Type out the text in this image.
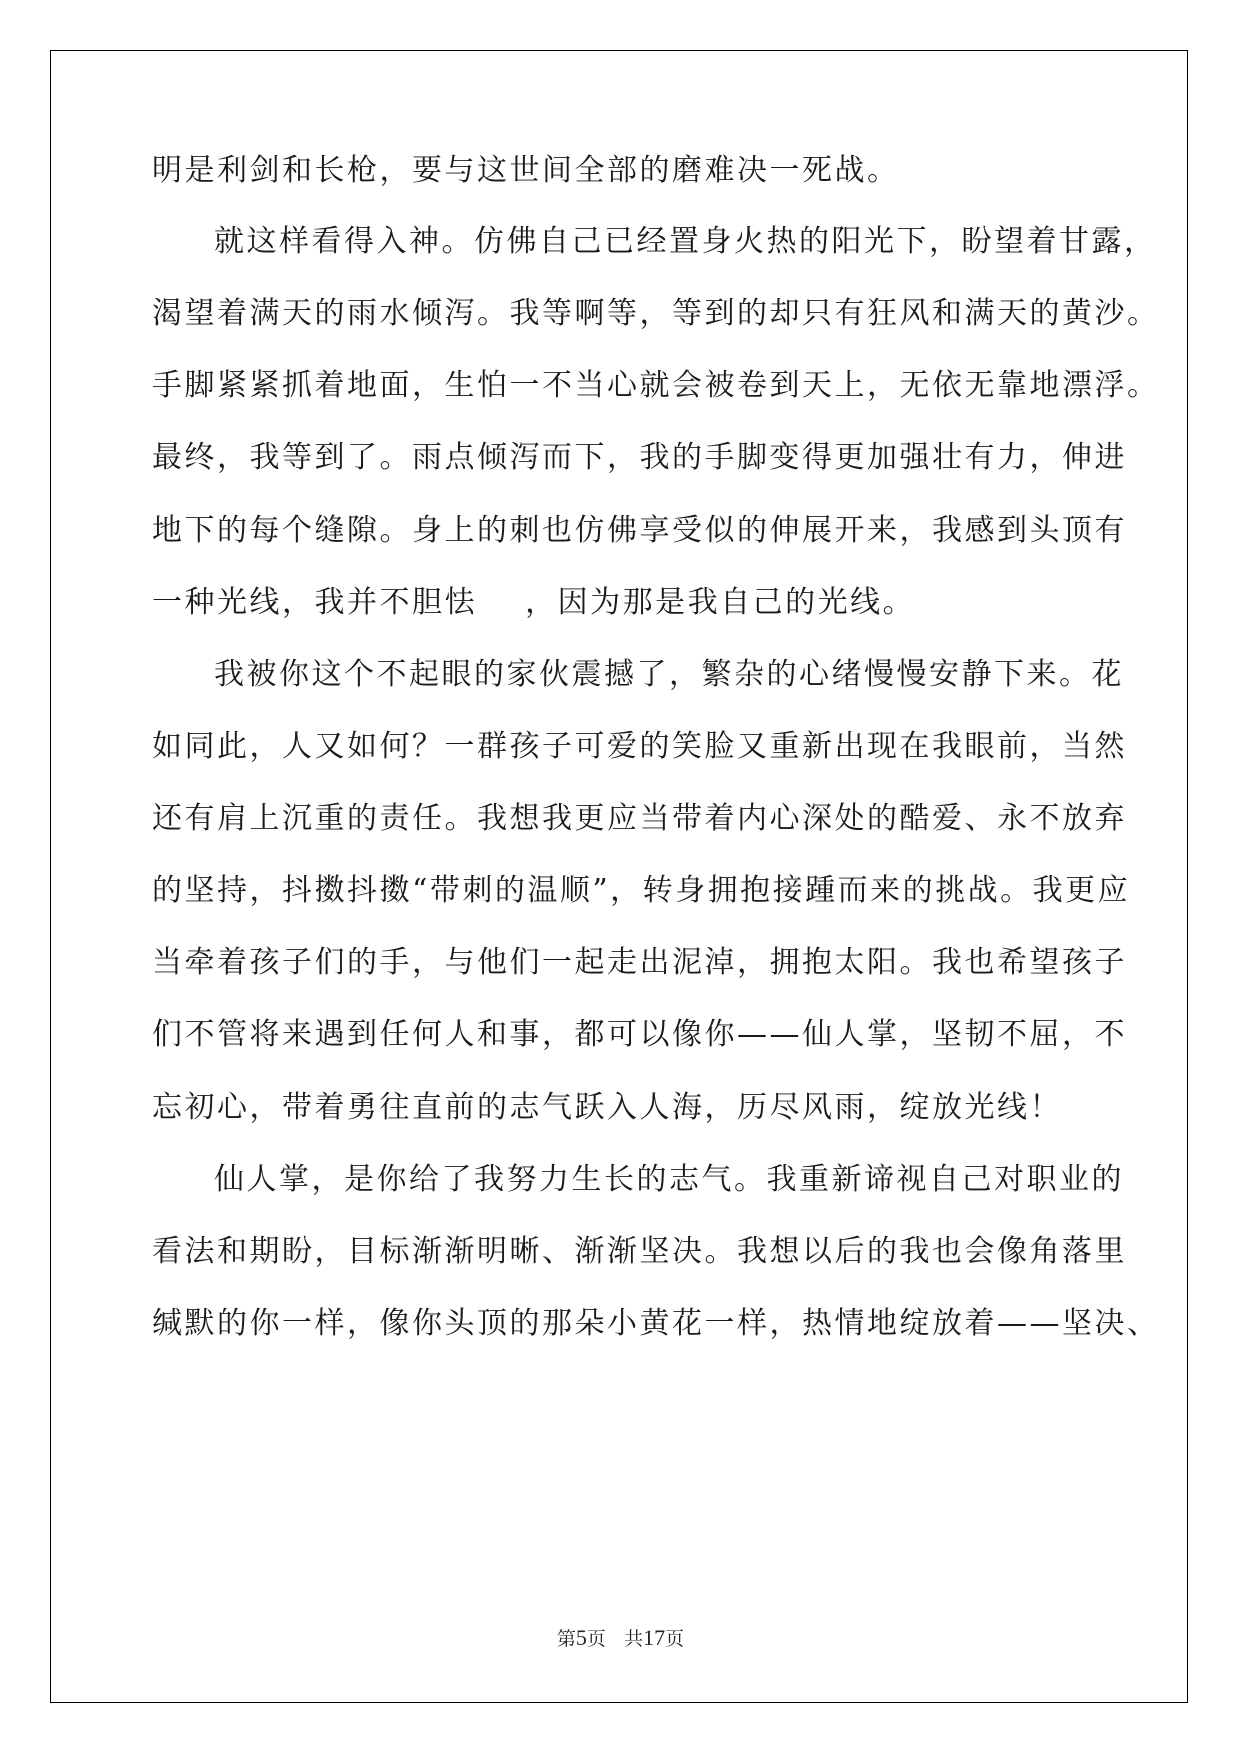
明是利剑和长枪，要与这世间全部的磨难决一死战。
就这样看得入神。仿佛自己已经置身火热的阳光下，盼望着甘露，
渴望着满天的雨水倾泻。我等啊等，等到的却只有狂风和满天的黄沙。
手脚紧紧抓着地面，生怕一不当心就会被卷到天上，无依无靠地漂浮。
最终，我等到了。雨点倾泻而下，我的手脚变得更加强壮有力，伸进
地下的每个缝隙。身上的刺也仿佛享受似的伸展开来，我感到头顶有
一种光线，我并不胆怯    ，因为那是我自己的光线。
我被你这个不起眼的家伙震撼了，繁杂的心绪慢慢安静下来。花
如同此，人又如何？一群孩子可爱的笑脸又重新出现在我眼前，当然
还有肩上沉重的责任。我想我更应当带着内心深处的酷爱、永不放弃
的坚持，抖擞抖擞“带刺的温顺”，转身拥抱接踵而来的挑战。我更应
当牵着孩子们的手，与他们一起走出泥淖，拥抱太阳。我也希望孩子
们不管将来遇到任何人和事，都可以像你——仙人掌，坚韧不屈，不
忘初心，带着勇往直前的志气跃入人海，历尽风雨，绽放光线！
仙人掌，是你给了我努力生长的志气。我重新谛视自己对职业的
看法和期盼，目标渐渐明晰、渐渐坚决。我想以后的我也会像角落里
缄默的你一样，像你头顶的那朵小黄花一样，热情地绽放着——坚决、
第5页 共17页
